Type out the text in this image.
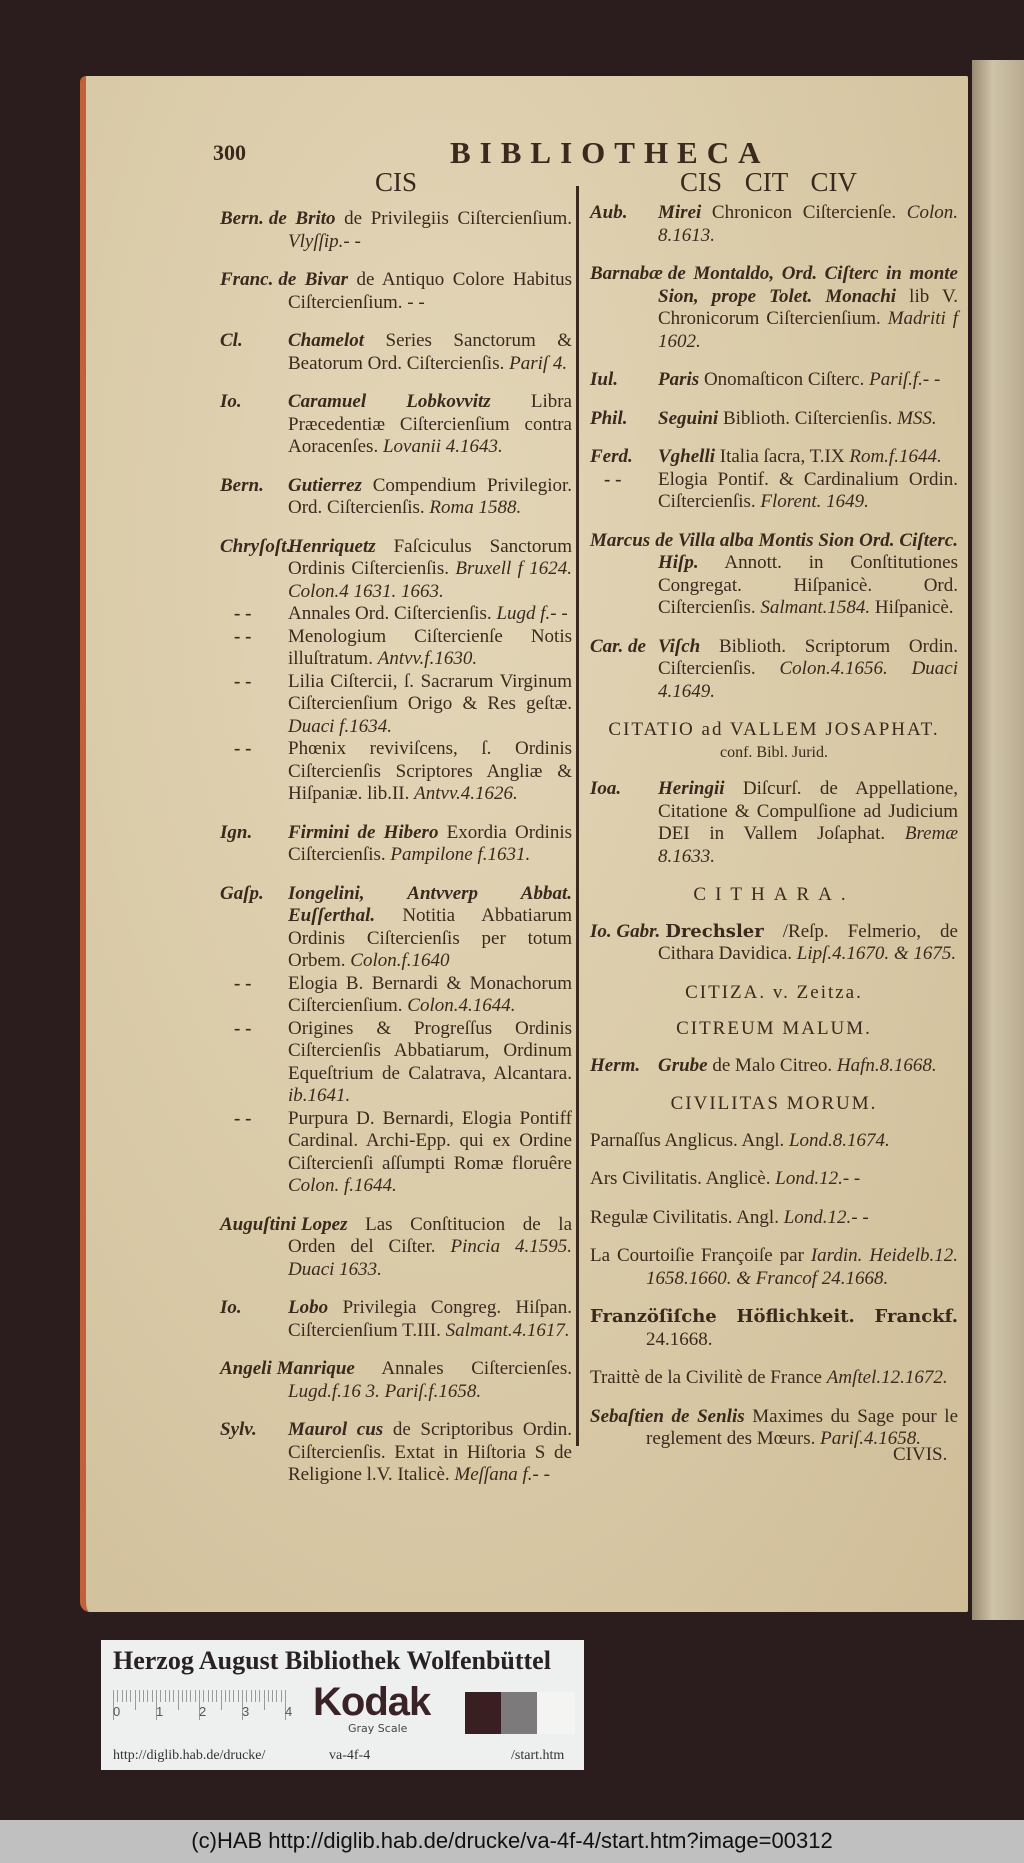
300	BIBLIOTHECA
CIS	CIS CIT CIV
Bern. de Brito de Privilegiis Ciſtercienſium. Vlyſſip.- -
Franc. de Bivar de Antiquo Colore Habitus Ciſtercienſium. - -
Cl. Chamelot Series Sanctorum & Beatorum Ord. Ciſtercienſis. Pariſ 4.
Io. Caramuel Lobkovvitz Libra Præcedentiæ Ciſtercienſium contra Aoracenſes. Lovanii 4.1643.
Bern. Gutierrez Compendium Privilegior. Ord. Ciſtercienſis. Roma 1588.
Chryſoſt.Henriquetz Faſciculus Sanctorum Ordinis Ciſtercienſis. Bruxell f 1624. Colon.4 1631. 1663.
- - Annales Ord. Ciſtercienſis. Lugd f.- -
- - Menologium Ciſtercienſe Notis illuſtratum. Antvv.f.1630.
- - Lilia Ciſtercii, ſ. Sacrarum Virginum Ciſtercienſium Origo & Res geſtæ. Duaci f.1634.
- - Phœnix reviviſcens, ſ. Ordinis Ciſtercienſis Scriptores Angliæ & Hiſpaniæ. lib.II. Antvv.4.1626.
Ign. Firmini de Hibero Exordia Ordinis Ciſtercienſis. Pampilone f.1631.
Gaſp. Iongelini, Antvverp Abbat. Euſſerthal. Notitia Abbatiarum Ordinis Ciſtercienſis per totum Orbem. Colon.f.1640
- - Elogia B. Bernardi & Monachorum Ciſtercienſium. Colon.4.1644.
- - Origines & Progreſſus Ordinis Ciſtercienſis Abbatiarum, Ordinum Equeſtrium de Calatrava, Alcantara. ib.1641.
- - Purpura D. Bernardi, Elogia Pontiff Cardinal. Archi-Epp. qui ex Ordine Ciſtercienſi aſſumpti Romæ floruêre Colon. f.1644.
Auguſtini Lopez Las Conſtitucion de la Orden del Ciſter. Pincia 4.1595. Duaci 1633.
Io. Lobo Privilegia Congreg. Hiſpan. Ciſtercienſium T.III. Salmant.4.1617.
Angeli Manrique Annales Ciſtercienſes. Lugd.f.16 3. Pariſ.f.1658.
Sylv. Maurol cus de Scriptoribus Ordin. Ciſtercienſis. Extat in Hiſtoria S de Religione l.V. Italicè. Meſſana f.- -
Aub. Mirei Chronicon Ciſtercienſe. Colon. 8.1613.
Barnabæ de Montaldo, Ord. Ciſterc in monte Sion, prope Tolet. Monachi lib V. Chronicorum Ciſtercienſium. Madriti f 1602.
Iul. Paris Onomaſticon Ciſterc. Pariſ.f.- -
Phil. Seguini Biblioth. Ciſtercienſis. MSS.
Ferd. Vghelli Italia ſacra, T.IX Rom.f.1644.
- - Elogia Pontif. & Cardinalium Ordin. Ciſtercienſis. Florent. 1649.
Marcus de Villa alba Montis Sion Ord. Ciſterc. Hiſp. Annott. in Conſtitutiones Congregat. Hiſpanicè. Ord. Ciſtercienſis. Salmant.1584. Hiſpanicè.
Car. de Viſch Biblioth. Scriptorum Ordin. Ciſtercienſis. Colon.4.1656. Duaci 4.1649.
CITATIO ad VALLEM JOSAPHAT.
conf. Bibl. Jurid.
Ioa. Heringii Diſcurſ. de Appellatione, Citatione & Compulſione ad Judicium DEI in Vallem Joſaphat. Bremæ 8.1633.
CITHARA.
Io. Gabr. Drechsler /Reſp. Felmerio, de Cithara Davidica. Lipſ.4.1670. & 1675.
CITIZA. v. Zeitza.
CITREUM MALUM.
Herm. Grube de Malo Citreo. Hafn.8.1668.
CIVILITAS MORUM.
Parnaſſus Anglicus. Angl. Lond.8.1674.
Ars Civilitatis. Anglicè. Lond.12.- -
Regulæ Civilitatis. Angl. Lond.12.- -
La Courtoiſie Françoiſe par Iardin. Heidelb.12. 1658.1660. & Francof 24.1668.
Franzöſiſche Höflichkeit. Franckf. 24.1668.
Traittè de la Civilitè de France Amſtel.12.1672.
Sebaſtien de Senlis Maximes du Sage pour le reglement des Mœurs. Pariſ.4.1658.
CIVIS.
Herzog August Bibliothek Wolfenbüttel
0	1	2	3	4 Kodak
Gray Scale
http://diglib.hab.de/drucke/	va-4f-4	/start.htm
(c)HAB http://diglib.hab.de/drucke/va-4f-4/start.htm?image=00312
